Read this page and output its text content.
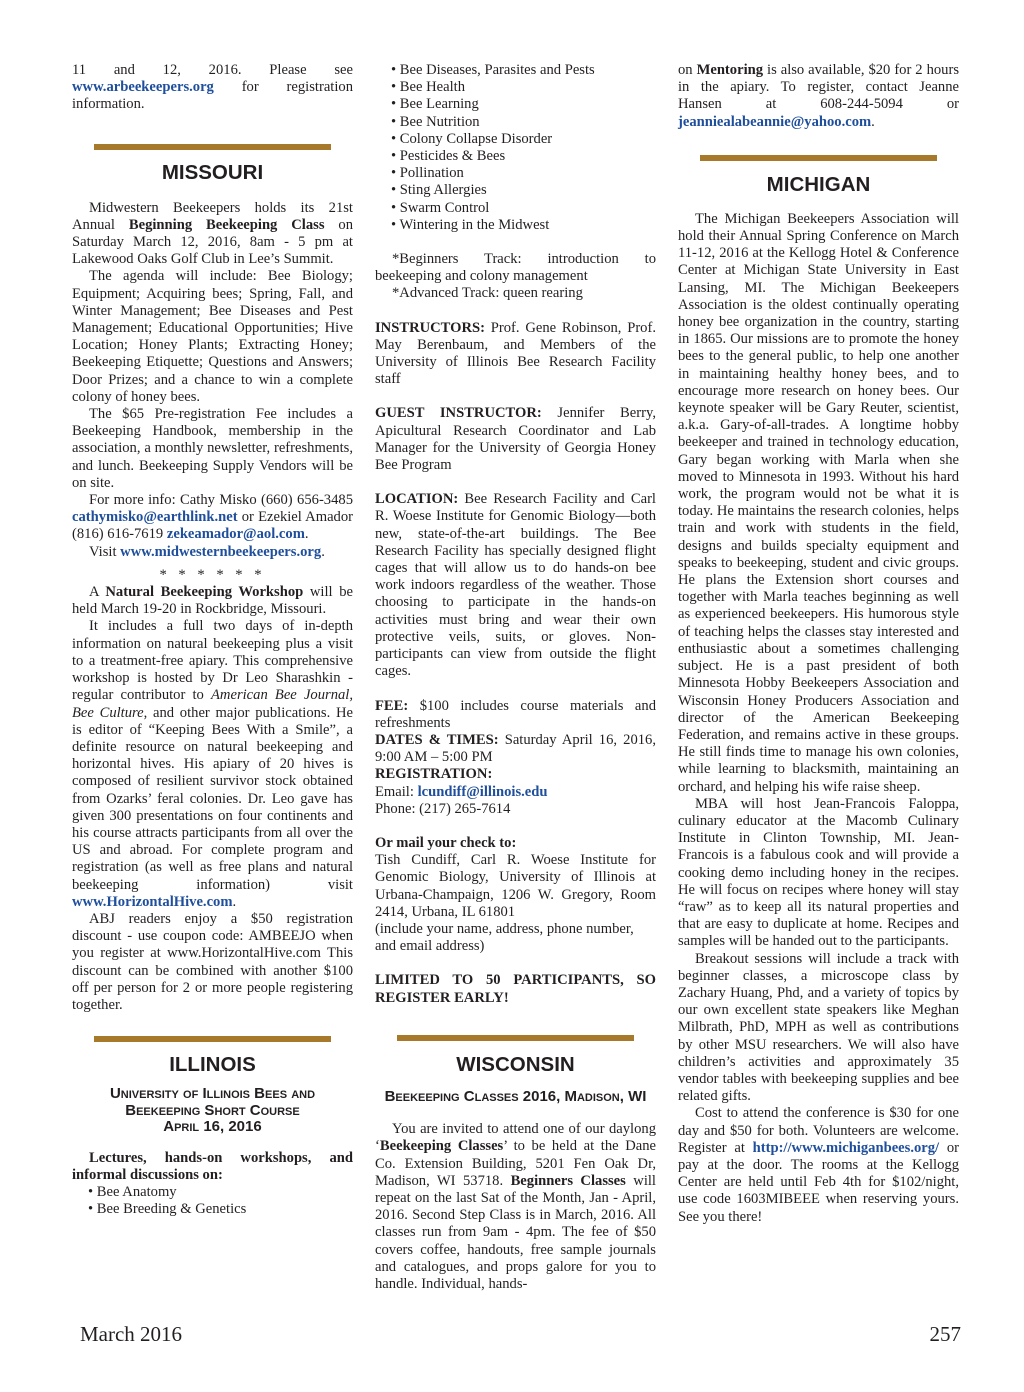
11 and 12, 2016. Please see www.arbeekeepers.org for registration information.

MISSOURI

Midwestern Beekeepers holds its 21st Annual Beginning Beekeeping Class on Saturday March 12, 2016, 8am - 5 pm at Lakewood Oaks Golf Club in Lee’s Summit.

The agenda will include: Bee Biology; Equipment; Acquiring bees; Spring, Fall, and Winter Management; Bee Diseases and Pest Management; Educational Opportunities; Hive Location; Honey Plants; Extracting Honey; Beekeeping Etiquette; Questions and Answers; Door Prizes; and a chance to win a complete colony of honey bees.

The $65 Pre-registration Fee includes a Beekeeping Handbook, membership in the association, a monthly newsletter, refreshments, and lunch. Beekeeping Supply Vendors will be on site.

For more info: Cathy Misko (660) 656-3485 cathymisko@earthlink.net or Ezekiel Amador (816) 616-7619 zekeamador@aol.com.

Visit www.midwesternbeekeepers.org.

* * * * * *

A Natural Beekeeping Workshop will be held March 19-20 in Rockbridge, Missouri.

It includes a full two days of in-depth information on natural beekeeping plus a visit to a treatment-free apiary. This comprehensive workshop is hosted by Dr Leo Sharashkin - regular contributor to American Bee Journal, Bee Culture, and other major publications. He is editor of “Keeping Bees With a Smile”, a definite resource on natural beekeeping and horizontal hives. His apiary of 20 hives is composed of resilient survivor stock obtained from Ozarks’ feral colonies. Dr. Leo gave has given 300 presentations on four continents and his course attracts participants from all over the US and abroad. For complete program and registration (as well as free plans and natural beekeeping information) visit www.HorizontalHive.com.

ABJ readers enjoy a $50 registration discount - use coupon code: AMBEEJO when you register at www.HorizontalHive.com This discount can be combined with another $100 off per person for 2 or more people registering together.

ILLINOIS
University of Illinois Bees and
Beekeeping Short Course
April 16, 2016

Lectures, hands-on workshops, and informal discussions on:

• Bee Anatomy

• Bee Breeding & Genetics

• Bee Diseases, Parasites and Pests

• Bee Health

• Bee Learning

• Bee Nutrition

• Colony Collapse Disorder

• Pesticides & Bees

• Pollination

• Sting Allergies

• Swarm Control

• Wintering in the Midwest

*Beginners Track: introduction to beekeeping and colony management

*Advanced Track: queen rearing

INSTRUCTORS: Prof. Gene Robinson, Prof. May Berenbaum, and Members of the University of Illinois Bee Research Facility staff

GUEST INSTRUCTOR: Jennifer Berry, Apicultural Research Coordinator and Lab Manager for the University of Georgia Honey Bee Program

LOCATION: Bee Research Facility and Carl R. Woese Institute for Genomic Biology—both new, state-of-the-art buildings. The Bee Research Facility has specially designed flight cages that will allow us to do hands-on bee work indoors regardless of the weather. Those choosing to participate in the hands-on activities must bring and wear their own protective veils, suits, or gloves. Non-participants can view from outside the flight cages.

FEE: $100 includes course materials and refreshments

DATES & TIMES: Saturday April 16, 2016, 9:00 AM – 5:00 PM

REGISTRATION:

Email: lcundiff@illinois.edu

Phone: (217) 265-7614

Or mail your check to:

Tish Cundiff, Carl R. Woese Institute for Genomic Biology, University of Illinois at Urbana-Champaign, 1206 W. Gregory, Room 2414, Urbana, IL 61801

(include your name, address, phone number, and email address)

LIMITED TO 50 PARTICIPANTS, SO REGISTER EARLY!

WISCONSIN
Beekeeping Classes 2016, Madison, WI

You are invited to attend one of our daylong ‘Beekeeping Classes’ to be held at the Dane Co. Extension Building, 5201 Fen Oak Dr, Madison, WI 53718. Beginners Classes will repeat on the last Sat of the Month, Jan - April, 2016. Second Step Class is in March, 2016. All classes run from 9am - 4pm. The fee of $50 covers coffee, handouts, free sample journals and catalogues, and props galore for you to handle. Individual, hands-

on Mentoring is also available, $20 for 2 hours in the apiary. To register, contact Jeanne Hansen at 608-244-5094 or jeanniealabeannie@yahoo.com.

MICHIGAN

The Michigan Beekeepers Association will hold their Annual Spring Conference on March 11-12, 2016 at the Kellogg Hotel & Conference Center at Michigan State University in East Lansing, MI. The Michigan Beekeepers Association is the oldest continually operating honey bee organization in the country, starting in 1865. Our missions are to promote the honey bees to the general public, to help one another in maintaining healthy honey bees, and to encourage more research on honey bees. Our keynote speaker will be Gary Reuter, scientist, a.k.a. Gary-of-all-trades. A longtime hobby beekeeper and trained in technology education, Gary began working with Marla when she moved to Minnesota in 1993. Without his hard work, the program would not be what it is today. He maintains the research colonies, helps train and work with students in the field, designs and builds specialty equipment and speaks to beekeeping, student and civic groups. He plans the Extension short courses and together with Marla teaches beginning as well as experienced beekeepers. His humorous style of teaching helps the classes stay interested and enthusiastic about a sometimes challenging subject. He is a past president of both Minnesota Hobby Beekeepers Association and Wisconsin Honey Producers Association and director of the American Beekeeping Federation, and remains active in these groups. He still finds time to manage his own colonies, while learning to blacksmith, maintaining an orchard, and helping his wife raise sheep.

MBA will host Jean-Francois Faloppa, culinary educator at the Macomb Culinary Institute in Clinton Township, MI. Jean-Francois is a fabulous cook and will provide a cooking demo including honey in the recipes. He will focus on recipes where honey will stay “raw” as to keep all its natural properties and that are easy to duplicate at home. Recipes and samples will be handed out to the participants.

Breakout sessions will include a track with beginner classes, a microscope class by Zachary Huang, Phd, and a variety of topics by our own excellent state speakers like Meghan Milbrath, PhD, MPH as well as contributions by other MSU researchers. We will also have children’s activities and approximately 35 vendor tables with beekeeping supplies and bee related gifts.

Cost to attend the conference is $30 for one day and $50 for both. Volunteers are welcome. Register at http://www.michiganbees.org/ or pay at the door. The rooms at the Kellogg Center are held until Feb 4th for $102/night, use code 1603MIBEEE when reserving yours. See you there!

March 2016	257
